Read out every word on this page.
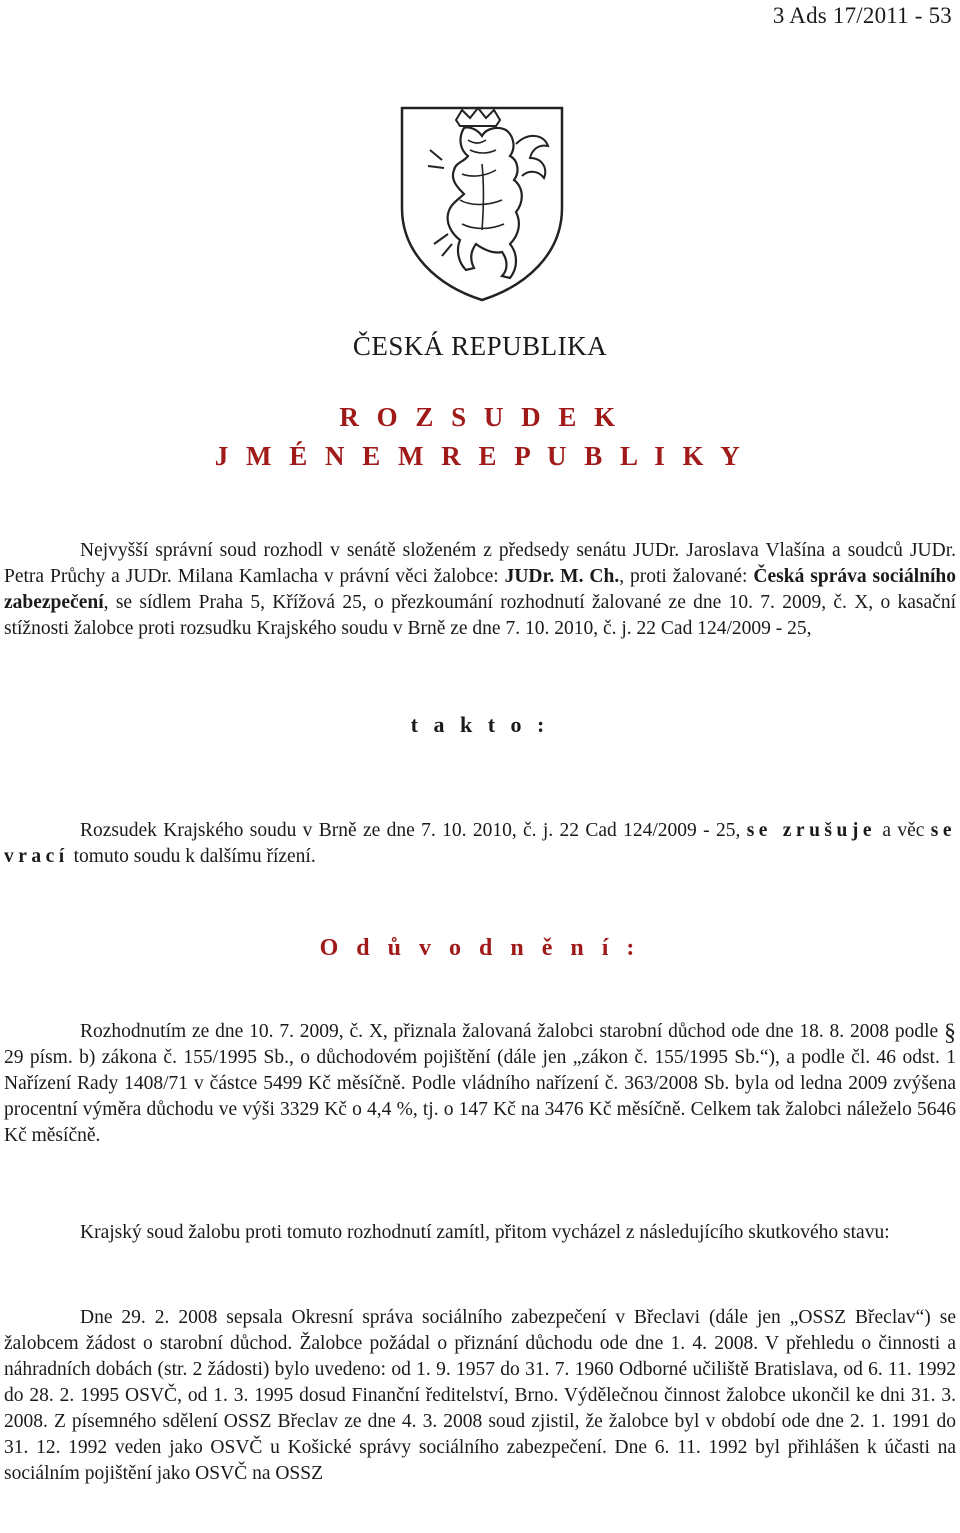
3 Ads 17/2011 - 53
ČESKÁ REPUBLIKA
R O Z S U D E K
J M É N E M R E P U B L I K Y

Nejvyšší správní soud rozhodl v senátě složeném z předsedy senátu JUDr. Jaroslava Vlašína a soudců JUDr. Petra Průchy a JUDr. Milana Kamlacha v právní věci žalobce: JUDr. M. Ch., proti žalované: Česká správa sociálního zabezpečení, se sídlem Praha 5, Křížová 25, o přezkoumání rozhodnutí žalované ze dne 10. 7. 2009, č. X, o kasační stížnosti žalobce proti rozsudku Krajského soudu v Brně ze dne 7. 10. 2010, č. j. 22 Cad 124/2009 - 25,

t a k t o :

Rozsudek Krajského soudu v Brně ze dne 7. 10. 2010, č. j. 22 Cad 124/2009 - 25, se zrušuje a věc se vrací tomuto soudu k dalšímu řízení.

O d ů v o d n ě n í :

Rozhodnutím ze dne 10. 7. 2009, č. X, přiznala žalovaná žalobci starobní důchod ode dne 18. 8. 2008 podle § 29 písm. b) zákona č. 155/1995 Sb., o důchodovém pojištění (dále jen „zákon č. 155/1995 Sb.“), a podle čl. 46 odst. 1 Nařízení Rady 1408/71 v částce 5499 Kč měsíčně. Podle vládního nařízení č. 363/2008 Sb. byla od ledna 2009 zvýšena procentní výměra důchodu ve výši 3329 Kč o 4,4 %, tj. o 147 Kč na 3476 Kč měsíčně. Celkem tak žalobci náleželo 5646 Kč měsíčně.

Krajský soud žalobu proti tomuto rozhodnutí zamítl, přitom vycházel z následujícího skutkového stavu:

Dne 29. 2. 2008 sepsala Okresní správa sociálního zabezpečení v Břeclavi (dále jen „OSSZ Břeclav“) se žalobcem žádost o starobní důchod. Žalobce požádal o přiznání důchodu ode dne 1. 4. 2008. V přehledu o činnosti a náhradních dobách (str. 2 žádosti) bylo uvedeno: od 1. 9. 1957 do 31. 7. 1960 Odborné učiliště Bratislava, od 6. 11. 1992 do 28. 2. 1995 OSVČ, od 1. 3. 1995 dosud Finanční ředitelství, Brno. Výdělečnou činnost žalobce ukončil ke dni 31. 3. 2008. Z písemného sdělení OSSZ Břeclav ze dne 4. 3. 2008 soud zjistil, že žalobce byl v období ode dne 2. 1. 1991 do 31. 12. 1992 veden jako OSVČ u Košické správy sociálního zabezpečení. Dne 6. 11. 1992 byl přihlášen k účasti na sociálním pojištění jako OSVČ na OSSZ
